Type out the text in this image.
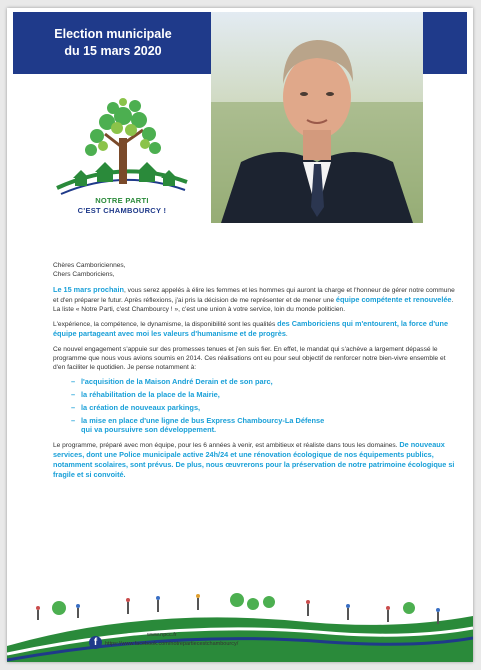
Election municipale
du 15 mars 2020
NOTRE PARTI
C'EST CHAMBOURCY !

Chères Camboriciennes,
Chers Camboriciens,

Le 15 mars prochain, vous serez appelés à élire les femmes et les hommes qui auront la charge et l'honneur de gérer notre commune et d'en préparer le futur. Après réflexions, j'ai pris la décision de me représenter et de mener une équipe compétente et renouvelée.
La liste « Notre Parti, c'est Chambourcy ! », c'est une union à votre service, loin du monde politicien.

L'expérience, la compétence, le dynamisme, la disponibilité sont les qualités des Camboriciens qui m'entourent, la force d'une équipe partageant avec moi les valeurs d'humanisme et de progrès.

Ce nouvel engagement s'appuie sur des promesses tenues et j'en suis fier. En effet, le mandat qui s'achève a largement dépassé le programme que nous vous avions soumis en 2014. Ces réalisations ont eu pour seul objectif de renforcer notre bien-vivre ensemble et d'en faciliter le quotidien. Je pense notamment à:

– l'acquisition de la Maison André Derain et de son parc,
– la réhabilitation de la place de la Mairie,
– la création de nouveaux parkings,
– la mise en place d'une ligne de bus Express Chambourcy-La Défense
qui va poursuivre son développement.

Le programme, préparé avec mon équipe, pour les 6 années à venir, est ambitieux et réaliste dans tous les domaines. De nouveaux services, dont une Police municipale active 24h/24 et une rénovation écologique de nos équipements publics, notamment scolaires, sont prévus. De plus, nous œuvrerons pour la préservation de notre patrimoine écologique si fragile et si convoité.

www.npcc.fr
f	https://www.facebook.com/notrepartiecestchambourcy/
